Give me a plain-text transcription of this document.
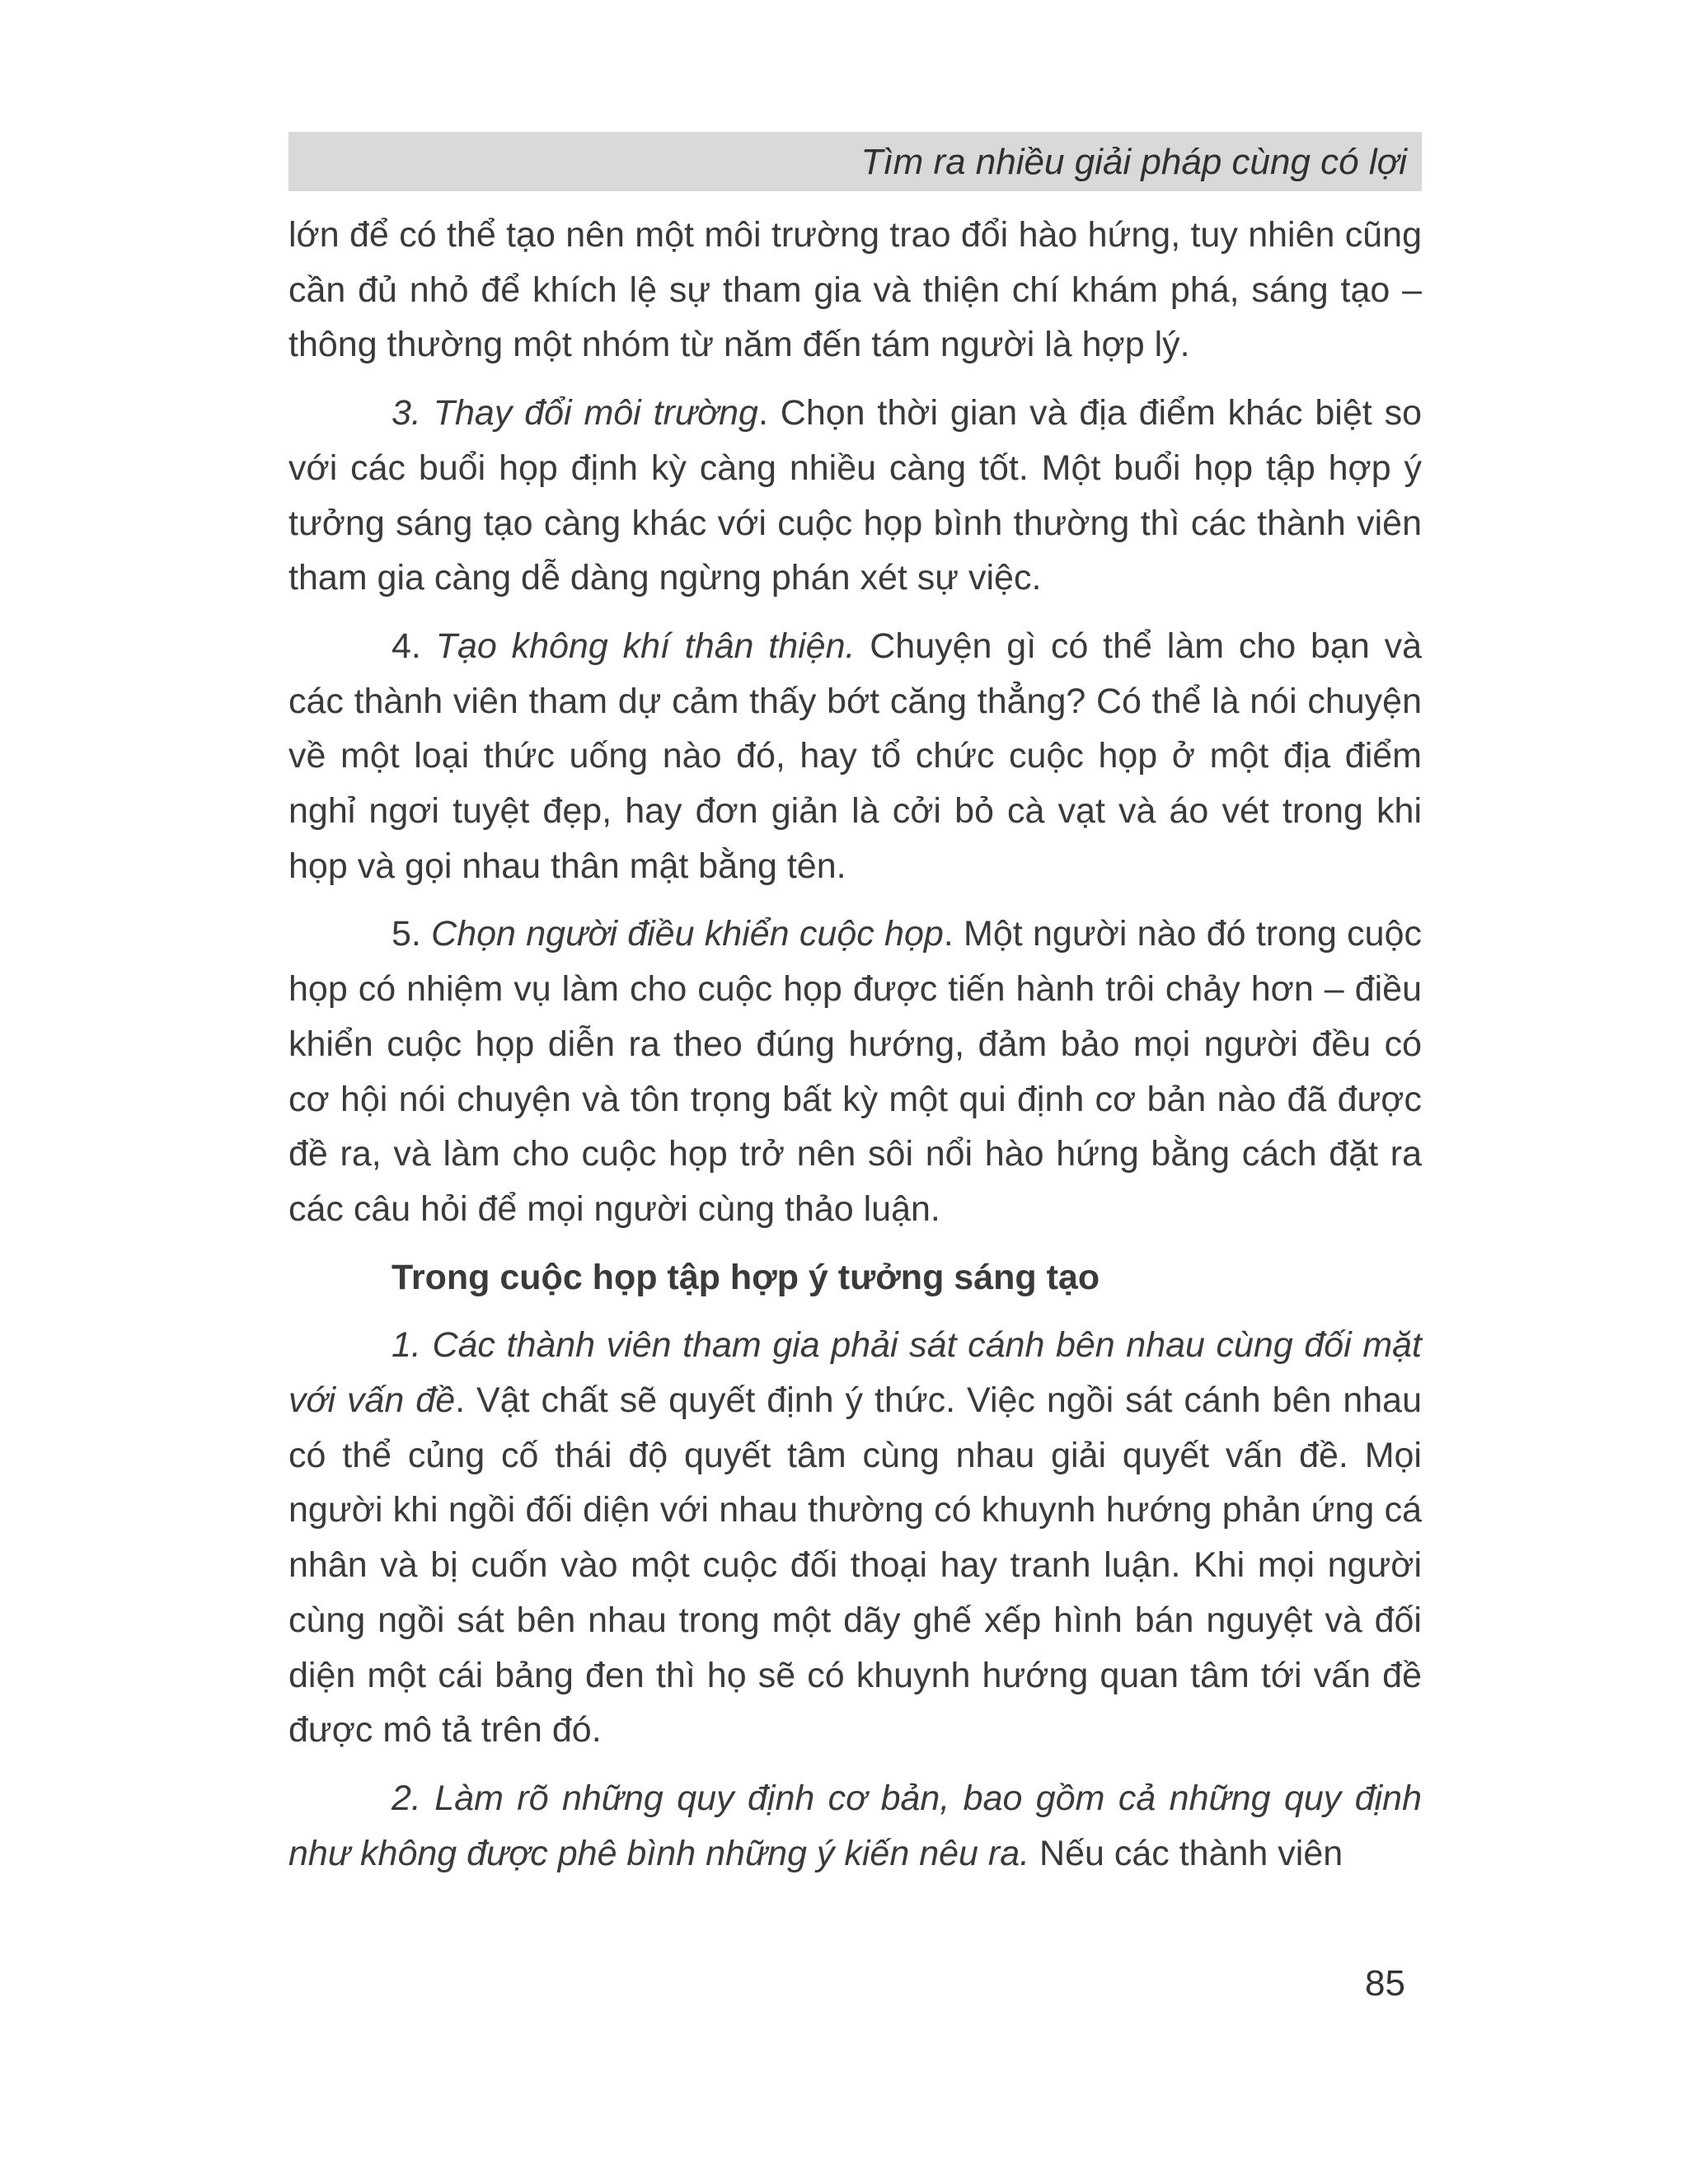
Tìm ra nhiều giải pháp cùng có lợi

lớn để có thể tạo nên một môi trường trao đổi hào hứng, tuy nhiên cũng cần đủ nhỏ để khích lệ sự tham gia và thiện chí khám phá, sáng tạo – thông thường một nhóm từ năm đến tám người là hợp lý.

3. Thay đổi môi trường. Chọn thời gian và địa điểm khác biệt so với các buổi họp định kỳ càng nhiều càng tốt. Một buổi họp tập hợp ý tưởng sáng tạo càng khác với cuộc họp bình thường thì các thành viên tham gia càng dễ dàng ngừng phán xét sự việc.

4. Tạo không khí thân thiện. Chuyện gì có thể làm cho bạn và các thành viên tham dự cảm thấy bớt căng thẳng? Có thể là nói chuyện về một loại thức uống nào đó, hay tổ chức cuộc họp ở một địa điểm nghỉ ngơi tuyệt đẹp, hay đơn giản là cởi bỏ cà vạt và áo vét trong khi họp và gọi nhau thân mật bằng tên.

5. Chọn người điều khiển cuộc họp. Một người nào đó trong cuộc họp có nhiệm vụ làm cho cuộc họp được tiến hành trôi chảy hơn – điều khiển cuộc họp diễn ra theo đúng hướng, đảm bảo mọi người đều có cơ hội nói chuyện và tôn trọng bất kỳ một qui định cơ bản nào đã được đề ra, và làm cho cuộc họp trở nên sôi nổi hào hứng bằng cách đặt ra các câu hỏi để mọi người cùng thảo luận.

Trong cuộc họp tập hợp ý tưởng sáng tạo

1. Các thành viên tham gia phải sát cánh bên nhau cùng đối mặt với vấn đề. Vật chất sẽ quyết định ý thức. Việc ngồi sát cánh bên nhau có thể củng cố thái độ quyết tâm cùng nhau giải quyết vấn đề. Mọi người khi ngồi đối diện với nhau thường có khuynh hướng phản ứng cá nhân và bị cuốn vào một cuộc đối thoại hay tranh luận. Khi mọi người cùng ngồi sát bên nhau trong một dãy ghế xếp hình bán nguyệt và đối diện một cái bảng đen thì họ sẽ có khuynh hướng quan tâm tới vấn đề được mô tả trên đó.

2. Làm rõ những quy định cơ bản, bao gồm cả những quy định như không được phê bình những ý kiến nêu ra. Nếu các thành viên

85
